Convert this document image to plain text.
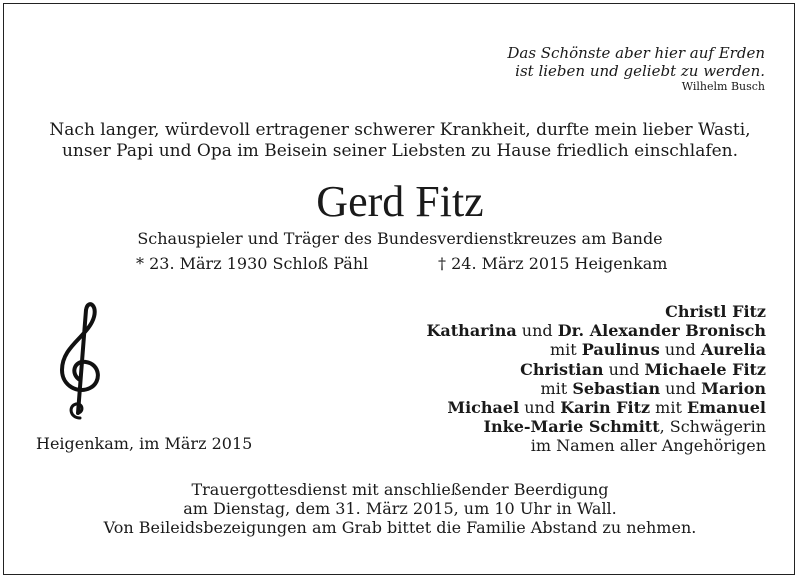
Das Schönste aber hier auf Erden
ist lieben und geliebt zu werden.
Wilhelm Busch
Nach langer, würdevoll ertragener schwerer Krankheit, durfte mein lieber Wasti,
unser Papi und Opa im Beisein seiner Liebsten zu Hause friedlich einschlafen.
Gerd Fitz
Schauspieler und Träger des Bundesverdienstkreuzes am Bande
* 23. März 1930 Schloß Pähl	† 24. März 2015 Heigenkam
Heigenkam, im März 2015
Christl Fitz
Katharina und Dr. Alexander Bronisch
mit Paulinus und Aurelia
Christian und Michaele Fitz
mit Sebastian und Marion
Michael und Karin Fitz mit Emanuel
Inke-Marie Schmitt, Schwägerin
im Namen aller Angehörigen
Trauergottesdienst mit anschließender Beerdigung
am Dienstag, dem 31. März 2015, um 10 Uhr in Wall.
Von Beileidsbezeigungen am Grab bittet die Familie Abstand zu nehmen.
